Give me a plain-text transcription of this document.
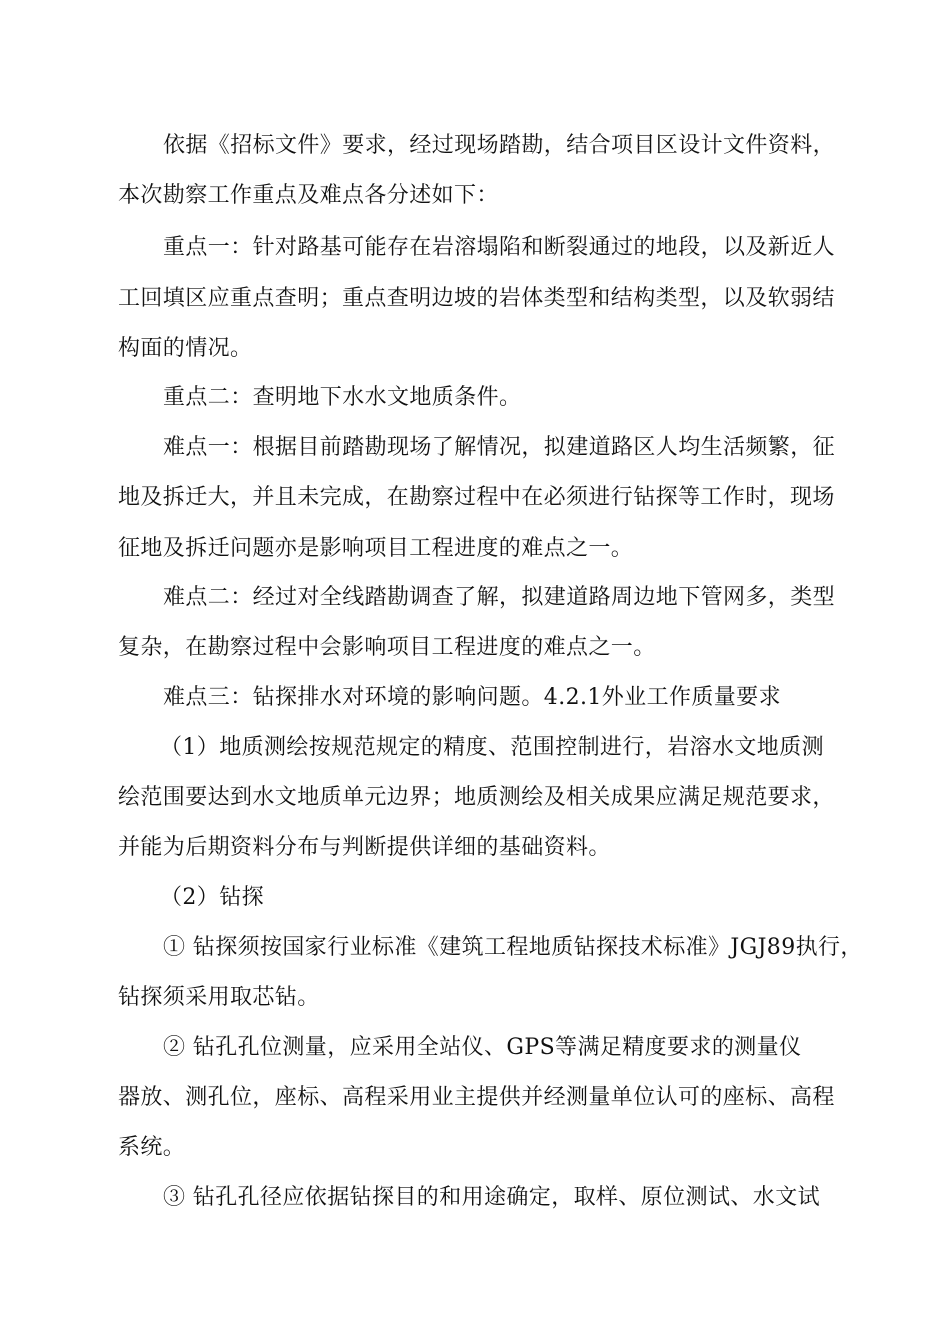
依据《招标文件》要求，经过现场踏勘，结合项目区设计文件资料，

本次勘察工作重点及难点各分述如下：

重点一：针对路基可能存在岩溶塌陷和断裂通过的地段，以及新近人

工回填区应重点查明；重点查明边坡的岩体类型和结构类型，以及软弱结

构面的情况。

重点二：查明地下水水文地质条件。

难点一：根据目前踏勘现场了解情况，拟建道路区人均生活频繁，征

地及拆迁大，并且未完成，在勘察过程中在必须进行钻探等工作时，现场

征地及拆迁问题亦是影响项目工程进度的难点之一。

难点二：经过对全线踏勘调查了解，拟建道路周边地下管网多，类型

复杂，在勘察过程中会影响项目工程进度的难点之一。

难点三：钻探排水对环境的影响问题。4.2.1外业工作质量要求

（1）地质测绘按规范规定的精度、范围控制进行，岩溶水文地质测

绘范围要达到水文地质单元边界；地质测绘及相关成果应满足规范要求，

并能为后期资料分布与判断提供详细的基础资料。

（2）钻探

① 钻探须按国家行业标准《建筑工程地质钻探技术标准》JGJ89执行，

钻探须采用取芯钻。

② 钻孔孔位测量，应采用全站仪、GPS等满足精度要求的测量仪

器放、测孔位，座标、高程采用业主提供并经测量单位认可的座标、高程

系统。

③ 钻孔孔径应依据钻探目的和用途确定，取样、原位测试、水文试
